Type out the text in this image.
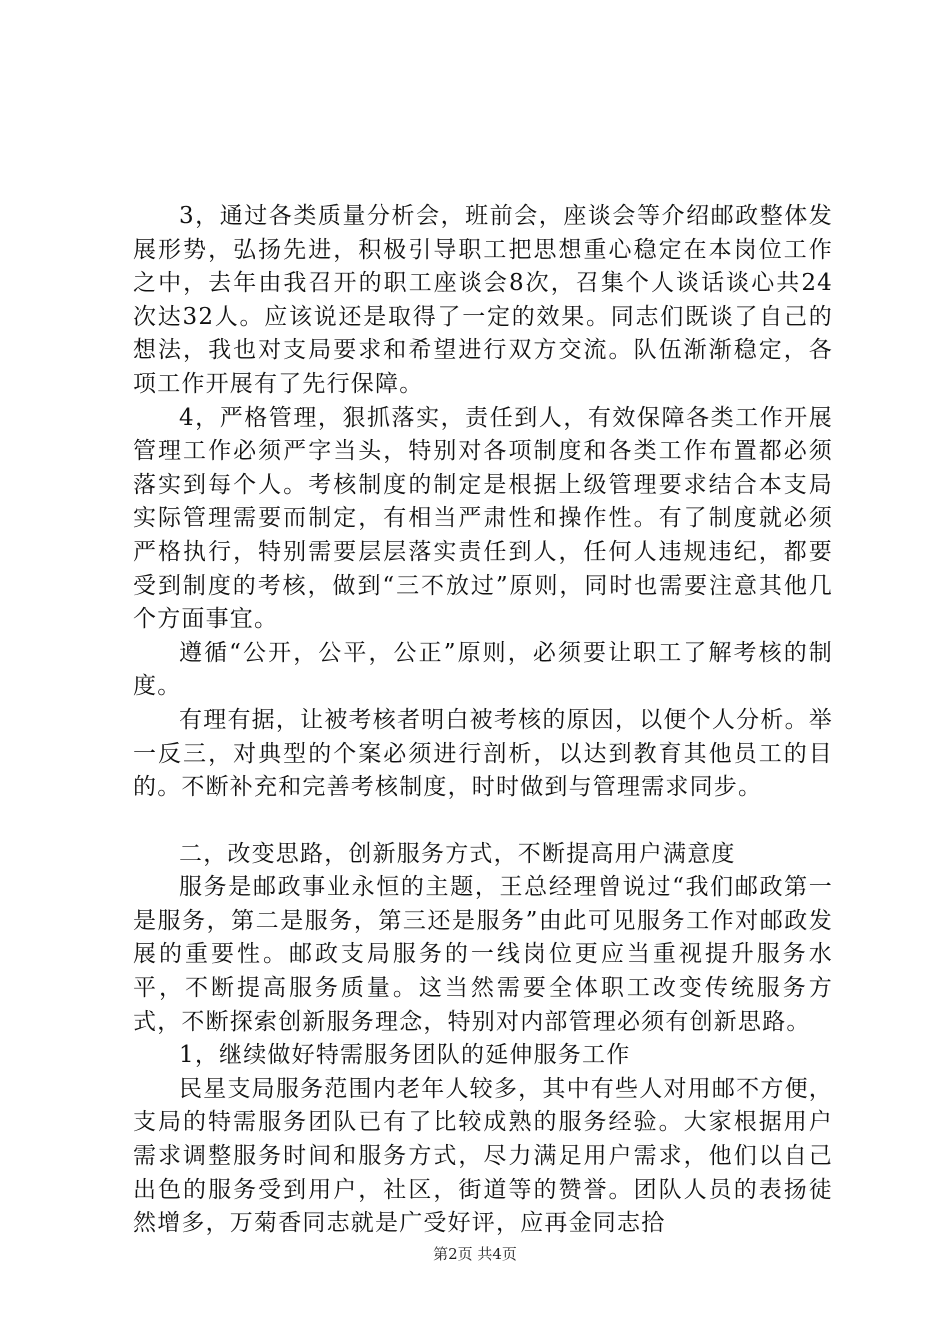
3，通过各类质量分析会，班前会，座谈会等介绍邮政整体发展形势，弘扬先进，积极引导职工把思想重心稳定在本岗位工作之中，去年由我召开的职工座谈会8次，召集个人谈话谈心共24次达32人。应该说还是取得了一定的效果。同志们既谈了自己的想法，我也对支局要求和希望进行双方交流。队伍渐渐稳定，各项工作开展有了先行保障。

4，严格管理，狠抓落实，责任到人，有效保障各类工作开展管理工作必须严字当头，特别对各项制度和各类工作布置都必须落实到每个人。考核制度的制定是根据上级管理要求结合本支局实际管理需要而制定，有相当严肃性和操作性。有了制度就必须严格执行，特别需要层层落实责任到人，任何人违规违纪，都要受到制度的考核，做到“三不放过”原则，同时也需要注意其他几个方面事宜。

遵循“公开，公平，公正”原则，必须要让职工了解考核的制度。

有理有据，让被考核者明白被考核的原因，以便个人分析。举一反三，对典型的个案必须进行剖析，以达到教育其他员工的目的。不断补充和完善考核制度，时时做到与管理需求同步。

二，改变思路，创新服务方式，不断提高用户满意度

服务是邮政事业永恒的主题，王总经理曾说过“我们邮政第一是服务，第二是服务，第三还是服务”由此可见服务工作对邮政发展的重要性。邮政支局服务的一线岗位更应当重视提升服务水平，不断提高服务质量。这当然需要全体职工改变传统服务方式，不断探索创新服务理念，特别对内部管理必须有创新思路。

1，继续做好特需服务团队的延伸服务工作

民星支局服务范围内老年人较多，其中有些人对用邮不方便，支局的特需服务团队已有了比较成熟的服务经验。大家根据用户需求调整服务时间和服务方式，尽力满足用户需求，他们以自己出色的服务受到用户，社区，街道等的赞誉。团队人员的表扬徒然增多，万菊香同志就是广受好评，应再金同志拾

第2页 共4页
